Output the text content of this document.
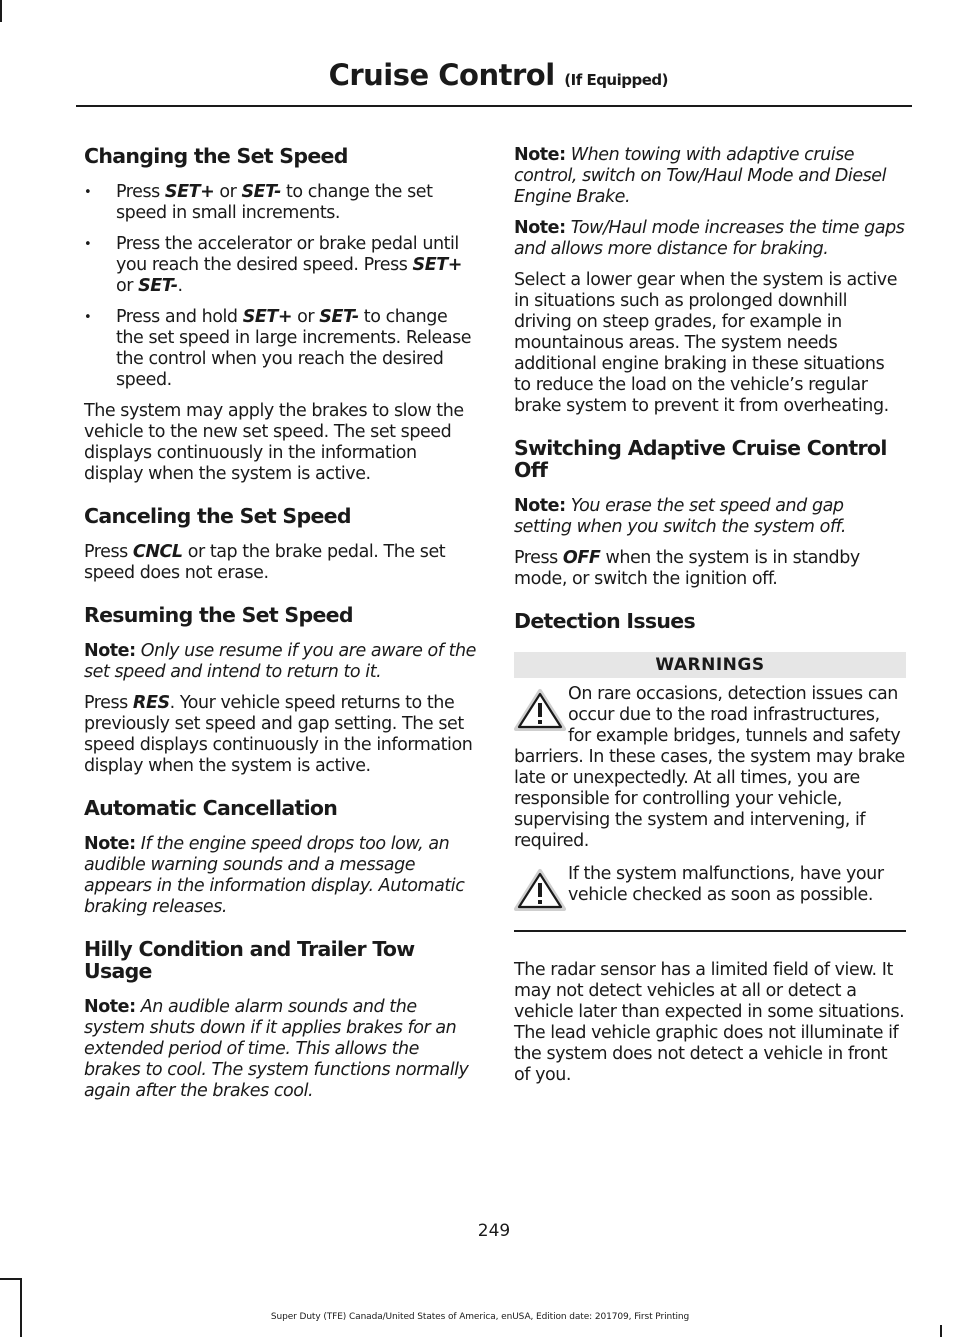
Cruise Control (If Equipped)
Changing the Set Speed
• Press SET+ or SET- to change the set speed in small increments.
• Press the accelerator or brake pedal until you reach the desired speed. Press SET+ or SET-.
• Press and hold SET+ or SET- to change the set speed in large increments. Release the control when you reach the desired speed.

The system may apply the brakes to slow the vehicle to the new set speed. The set speed displays continuously in the information display when the system is active.

Canceling the Set Speed

Press CNCL or tap the brake pedal. The set speed does not erase.

Resuming the Set Speed

Note: Only use resume if you are aware of the set speed and intend to return to it.

Press RES. Your vehicle speed returns to the previously set speed and gap setting. The set speed displays continuously in the information display when the system is active.

Automatic Cancellation

Note: If the engine speed drops too low, an audible warning sounds and a message appears in the information display. Automatic braking releases.

Hilly Condition and Trailer Tow Usage

Note: An audible alarm sounds and the system shuts down if it applies brakes for an extended period of time. This allows the brakes to cool. The system functions normally again after the brakes cool.

Note: When towing with adaptive cruise control, switch on Tow/Haul Mode and Diesel Engine Brake.

Note: Tow/Haul mode increases the time gaps and allows more distance for braking.

Select a lower gear when the system is active in situations such as prolonged downhill driving on steep grades, for example in mountainous areas. The system needs additional engine braking in these situations to reduce the load on the vehicle’s regular brake system to prevent it from overheating.

Switching Adaptive Cruise Control Off

Note: You erase the set speed and gap setting when you switch the system off.

Press OFF when the system is in standby mode, or switch the ignition off.

Detection Issues
WARNINGS
On rare occasions, detection issues can occur due to the road infrastructures, for example bridges, tunnels and safety barriers. In these cases, the system may brake late or unexpectedly. At all times, you are responsible for controlling your vehicle, supervising the system and intervening, if required.
If the system malfunctions, have your vehicle checked as soon as possible.

The radar sensor has a limited field of view. It may not detect vehicles at all or detect a vehicle later than expected in some situations. The lead vehicle graphic does not illuminate if the system does not detect a vehicle in front of you.

249
Super Duty (TFE) Canada/United States of America, enUSA, Edition date: 201709, First Printing
